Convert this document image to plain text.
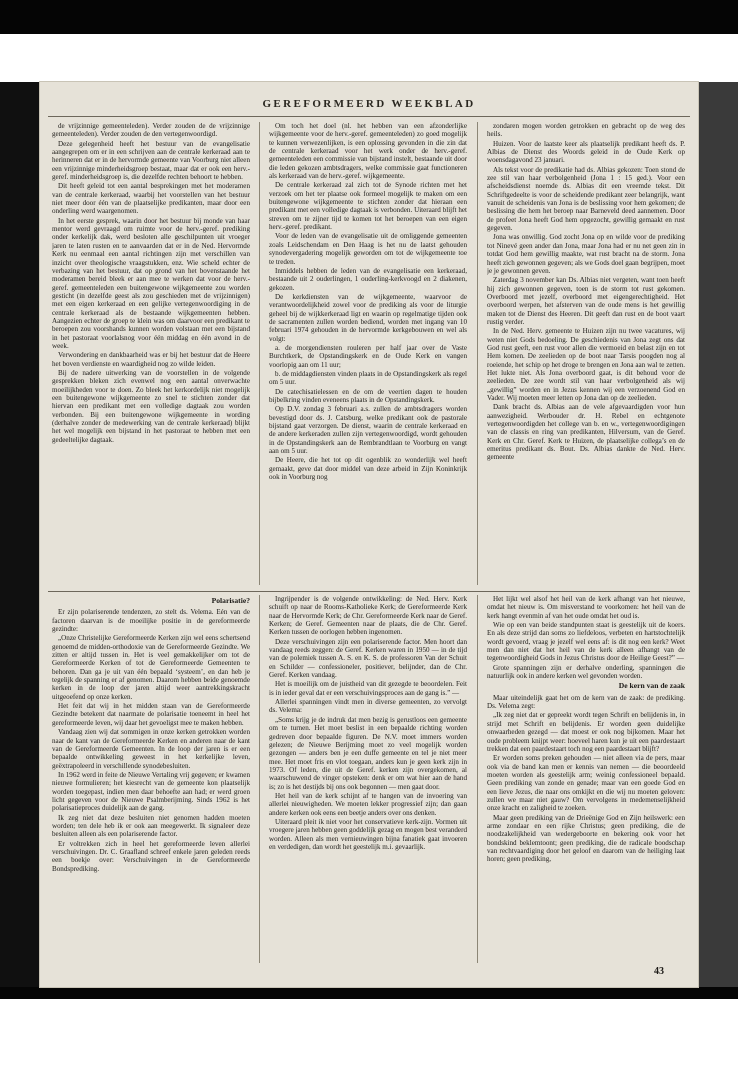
GEREFORMEERD WEEKBLAD

de vrijzinnige gemeenteleden). Verder zouden de de vrijzinnige gemeenteleden). Verder zouden de den vertegenwoordigd.

Deze gelegenheid heeft het bestuur van de evangelisatie aangegrepen om er in een schrijven aan de centrale kerkeraad aan te herinneren dat er in de hervormde gemeente van Voorburg niet alleen een vrijzinnige minderheidsgroep bestaat, maar dat er ook een herv.-geref. minderheidsgroep is, die dezelfde rechten behoort te hebben.

Dit heeft geleid tot een aantal besprekingen met het moderamen van de centrale kerkeraad, waarbij het voorstellen van het bestuur niet meer door één van de plaatselijke predikanten, maar door een onderling werd waargenomen.

In het eerste gesprek, waarin door het bestuur bij monde van haar mentor werd gevraagd om ruimte voor de herv.-geref. prediking onder kerkelijk dak, werd besloten alle geschilpunten uit vroeger jaren te laten rusten en te aanvaarden dat er in de Ned. Hervormde Kerk nu eenmaal een aantal richtingen zijn met verschillen van inzicht over theologische vraagstukken, enz. Wie scheld echter de verbazing van het bestuur, dat op grond van het bovenstaande het moderamen bereid bleek er aan mee te werken dat voor de herv.-geref. gemeenteleden een buitengewone wijkgemeente zou worden gesticht (in dezelfde geest als zou geschieden met de vrijzinnigen) met een eigen kerkeraad en een gelijke vertegenwoordiging in de centrale kerkeraad als de bestaande wijkgemeenten hebben. Aangezien echter de groep te klein was om daarvoor een predikant te beroepen zou voorshands kunnen worden volstaan met een bijstand in het pastoraat voorlalsnog voor één middag en één avond in de week.

Verwondering en dankbaarheid was er bij het bestuur dat de Heere het boven verdienste en waardigheid nog zo wilde leiden.

Bij de nadere uitwerking van de voorstellen in de volgende gesprekken bleken zich evenwel nog een aantal onverwachte moeilijkheden voor te doen. Zo bleek het kerkordelijk niet mogelijk een buitengewone wijkgemeente zo snel te stichten zonder dat hiervan een predikant met een volledige dagtaak zou worden verbonden. Bij een buitengewone wijkgemeente in wording (derhalve zonder de medewerking van de centrale kerkeraad) blijkt het wel mogelijk een bijstand in het pastoraat te hebben met een gedeeltelijke dagtaak.

Om toch het doel (nl. het hebben van een afzonderlijke wijkgemeente voor de herv.-geref. gemeenteleden) zo goed mogelijk te kunnen verwezenlijken, is een oplossing gevonden in die zin dat de centrale kerkeraad voor het werk onder de herv.-geref. gemeenteleden een commissie van bijstand instelt, bestaande uit door die leden gekozen ambtsdragers, welke commissie gaat functioneren als kerkeraad van de herv.-geref. wijkgemeente.

De centrale kerkeraad zal zich tot de Synode richten met het verzoek om het ter plaatse ook formeel mogelijk te maken om een buitengewone wijkgemeente te stichten zonder dat hieraan een predikant met een volledige dagtaak is verbonden. Uiteraard blijft het streven om te zijner tijd te komen tot het beroepen van een eigen herv.-geref. predikant.

Voor de leden van de evangelisatie uit de omliggende gemeenten zoals Leidschendam en Den Haag is het nu de laatst gehouden synodevergadering mogelijk geworden om tot de wijkgemeente toe te treden.

Inmiddels hebben de leden van de evangelisatie een kerkeraad, bestaande uit 2 ouderlingen, 1 ouderling-kerkvoogd en 2 diakenen, gekozen.

De kerkdiensten van de wijkgemeente, waarvoor de verantwoordelijkheid zowel voor de prediking als voor de liturgie geheel bij de wijkkerkeraad ligt en waarin op regelmatige tijden ook de sacramenten zullen worden bediend, worden met ingang van 10 februari 1974 gehouden in de hervormde kerkgebouwen en wel als volgt:

a. de morgendiensten rouleren per half jaar over de Vaste Burchtkerk, de Opstandingskerk en de Oude Kerk en vangen voorlopig aan om 11 uur;

b. de middagdiensten vinden plaats in de Opstandingskerk als regel om 5 uur.

De catechisatielessen en de om de veertien dagen te houden bijbelkring vinden eveneens plaats in de Opstandingskerk.

Op D.V. zondag 3 februari a.s. zullen de ambtsdragers worden bevestigd door ds. J. Catsburg, welke predikant ook de pastorale bijstand gaat verzorgen. De dienst, waarin de centrale kerkeraad en de andere kerkeraden zullen zijn vertegenwoordigd, wordt gehouden in de Opstandingskerk aan de Rembrandtlaan te Voorburg en vangt aan om 5 uur.

De Heere, die het tot op dit ogenblik zo wonderlijk wel heeft gemaakt, geve dat door middel van deze arbeid in Zijn Koninkrijk ook in Voorburg nog

zondaren mogen worden getrokken en gebracht op de weg des heils.

Huizen. Voor de laatste keer als plaatselijk predikant heeft ds. P. Albias de Dienst des Woords geleid in de Oude Kerk op woensdagavond 23 januari.

Als tekst voor de predikatie had ds. Albias gekozen: Toen stond de zee stil van haar verbolgenheid (Jona 1 : 15 ged.). Voor een afscheidsdienst noemde ds. Albias dit een vreemde tekst. Dit Schriftgedeelte is voor de scheidende predikant zeer belangrijk, want vanuit de scheidenis van Jona is de beslissing voor hem gekomen; de beslissing die hem het beroep naar Barneveld deed aannemen. Door de profeet Jona heeft God hem opgezocht, gewillig gemaakt en rust gegeven.

Jona was onwillig. God zocht Jona op en wilde voor de prediking tot Ninevé geen ander dan Jona, maar Jona had er nu net geen zin in totdat God hem gewillig maakte, wat rust bracht na de storm. Jona heeft zich gewonnen gegeven; als we Gods doel gaan begrijpen, moet je je gewonnen geven.

Zaterdag 3 november kan Ds. Albias niet vergeten, want toen heeft hij zich gewonnen gegeven, toen is de storm tot rust gekomen. Overboord met jezelf, overboord met eigengerechtigheid. Het overboord werpen, het afsterven van de oude mens is het gewillig maken tot de Dienst des Heeren. Dit geeft dan rust en de boot vaart rustig verder.

In de Ned. Herv. gemeente te Huizen zijn nu twee vacatures, wij weten niet Gods bedoeling. De geschiedenis van Jona zegt ons dat God rust geeft, een rust voor allen die vermoeid en belast zijn en tot Hem komen. De zeelieden op de boot naar Tarsis poogden nog al roeiende, het schip op het droge te brengen en Jona aan wal te zetten. Het lukte niet. Als Jona overboord gaat, is dit behoud voor de zeelieden. De zee wordt stil van haar verbolgenheid als wij „gewillig” worden en in Jezus kennen wij een verzoenend God en Vader. Wij moeten meer letten op Jona dan op de zeelieden.

Dank bracht ds. Albias aan de vele afgevaardigden voor hun aanwezigheid. Werbouder dr. H. Rebel en echtgenote vertegenwoordigden het college van b. en w., vertegenwoordigingen van de classis en ring van predikanten, Hilversum, van de Geref. Kerk en Chr. Geref. Kerk te Huizen, de plaatselijke collega’s en de emeritus predikant ds. Bout. Ds. Albias dankte de Ned. Herv. gemeente

Polarisatie?

Er zijn polariserende tendenzen, zo stelt ds. Velema. Eén van de factoren daarvan is de moeilijke positie in de gereformeerde gezindte:

„Onze Christelijke Gereformeerde Kerken zijn wel eens schertsend genoemd de midden-orthodoxie van de Gereformeerde Gezindte. We zitten er altijd tussen in. Het is veel gemakkelijker om tot de Gereformeerde Kerken of tot de Gereformeerde Gemeenten te behoren. Dan ga je uit van één bepaald ‘systeem’, en dan heb je tegelijk de spanning er af genomen. Daarom hebben beide genoemde kerken in de loop der jaren altijd weer aantrekkingskracht uitgeoefend op onze kerken.

Het feit dat wij in het midden staan van de Gereformeerde Gezindte betekent dat naarmate de polarisatie toeneemt in heel het gereformeerde leven, wij daar het gevoeligst mee te maken hebben.

Vandaag zien wij dat sommigen in onze kerken getrokken worden naar de kant van de Gereformeerde Kerken en anderen naar de kant van de Gereformeerde Gemeenten. In de loop der jaren is er een bepaalde ontwikkeling geweest in het kerkelijke leven, geëxtrapoleerd in verschillende synodebesluiten.

In 1962 werd in feite de Nieuwe Vertaling vrij gegeven; er kwamen nieuwe formulieren; het kiesrecht van de gemeente kon plaatselijk worden toegepast, indien men daar behoefte aan had; er werd groen licht gegeven voor de Nieuwe Psalmberijming. Sinds 1962 is het polarisatieproces duidelijk aan de gang.

Ik zeg niet dat deze besluiten niet genomen hadden moeten worden; ten dele heb ik er ook aan meegewerkt. Ik signaleer deze besluiten alleen als een polariserende factor.

Er voltrekken zich in heel het gereformeerde leven allerlei verschuivingen. Dr. C. Graafland schreef enkele jaren geleden reeds een boekje over: Verschuivingen in de Gereformeerde Bondsprediking.

Ingrijpender is de volgende ontwikkeling: de Ned. Herv. Kerk schuift op naar de Rooms-Katholieke Kerk; de Gereformeerde Kerk naar de Hervormde Kerk; de Chr. Gereformeerde Kerk naar de Geref. Kerken; de Geref. Gemeenten naar de plaats, die de Chr. Geref. Kerken tussen de oorlogen hebben ingenomen.

Deze verschuivingen zijn een polariserende factor. Men hoort dan vandaag reeds zeggen: de Geref. Kerken waren in 1950 — in de tijd van de polemiek tussen A. S. en K. S. de professoren Van der Schuit en Schilder — confessioneler, positiever, belijnder, dan de Chr. Geref. Kerken vandaag.

Het is moeilijk om de juistheid van dit gezegde te beoordelen. Feit is in ieder geval dat er een verschuivingsproces aan de gang is.” —

Allerlei spanningen vindt men in diverse gemeenten, zo vervolgt ds. Velema:

„Soms krijg je de indruk dat men bezig is gerustloos een gemeente om te turnen. Het moet beslist in een bepaalde richting worden gedreven door bepaalde figuren. De N.V. moet immers worden gelezen; de Nieuwe Berijming moet zo veel mogelijk worden gezongen — anders ben je een duffe gemeente en tel je niet meer mee. Het moet fris en vlot toegaan, anders kun je geen kerk zijn in 1973. Of leden, die uit de Geref. kerken zijn overgekomen, al waarschuwend de vinger opsteken: denk er om wat hier aan de hand is; zo is het destijds bij ons ook begonnen — men gaat door.

Het heil van de kerk schijnt af te hangen van de invoering van allerlei nieuwigheden. We moeten lekker progressief zijn; dan gaan andere kerken ook eens een beetje anders over ons denken.

Uiteraard pleit ik niet voor het conservatieve kerk-zijn. Vormen uit vroegere jaren hebben geen goddelijk gezag en mogen best veranderd worden. Alleen als men vernieuwingen bijna fanatiek gaat invoeren en verdedigen, dan wordt het geestelijk m.i. gevaarlijk.

Het lijkt wel alsof het heil van de kerk afhangt van het nieuwe, omdat het nieuw is. Om misverstand te voorkomen: het heil van de kerk hangt evenmin af van het oude omdat het oud is.

Wie op een van beide standpunten staat is geestelijk uit de koers. En als deze strijd dan soms zo liefdeloos, verbeten en hartstochtelijk wordt gevoerd, vraag je jezelf wel eens af: is dit nog een kerk? Weet men dan niet dat het heil van de kerk alleen afhangt van de tegenwoordigheid Gods in Jezus Christus door de Heilige Geest?” —

Grote spanningen zijn er derhalve onderling, spanningen die natuurlijk ook in andere kerken wel gevonden worden.

De kern van de zaak

Maar uiteindelijk gaat het om de kern van de zaak: de prediking. Ds. Velema zegt:

„Ik zeg niet dat er gepreekt wordt tegen Schrift en belijdenis in, in strijd met Schrift en belijdenis. Er worden geen duidelijke onwaarheden gezegd — dat moest er ook nog bijkomen. Maar het oude probleem knijpt weer: hoeveel haren kun je uit een paardestaart trekken dat een paardestaart toch nog een paardestaart blijft?

Er worden soms preken gehouden — niet alleen via de pers, maar ook via de band kan men er kennis van nemen — die beoordeeld moeten worden als geestelijk arm; weinig confessioneel bepaald. Geen prediking van zonde en genade; maar van een goede God en een lieve Jezus, die naar ons omkijkt en die wij nu moeten geloven: zullen we maar niet gauw? Om vervolgens in medemenselijkheid onze kracht en zaligheid te zoeken.

Maar geen prediking van de Drieënige God en Zijn heilswerk: een arme zondaar en een rijke Christus; geen prediking, die de noodzakelijkheid van wedergeboorte en bekering ook voor het bondskind beklemtoont; geen prediking, die de radicale boodschap van rechtvaardiging door het geloof en daarom van de heiliging laat horen; geen prediking,

43
